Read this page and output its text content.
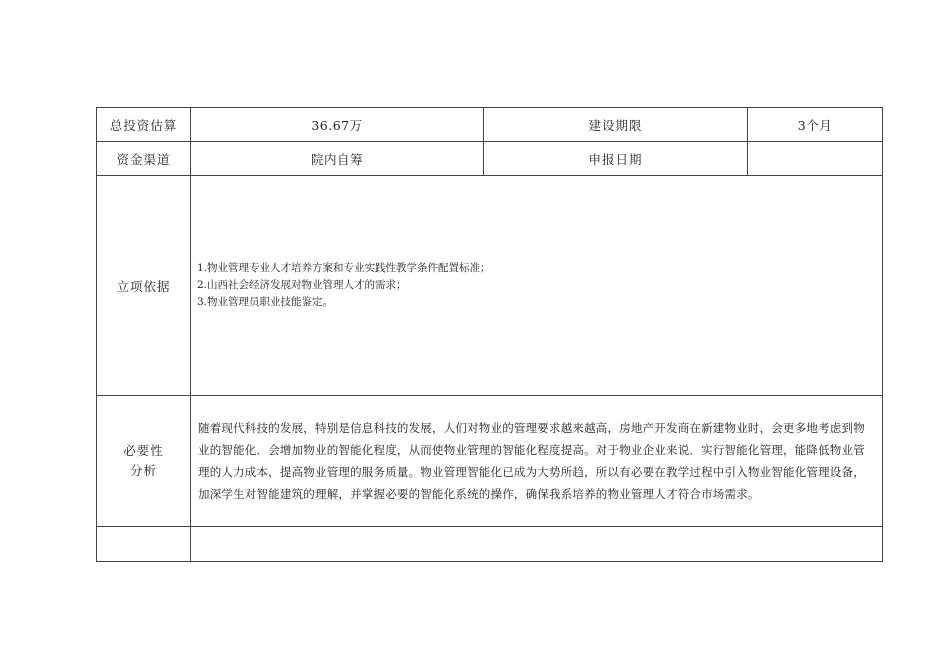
总投资估算	36.67万	建设期限	3个月
资金渠道	院内自筹	申报日期	
立项依据	1.物业管理专业人才培养方案和专业实践性教学条件配置标准；
2.山西社会经济发展对物业管理人才的需求；
3.物业管理员职业技能鉴定。		

必要性
分析	随着现代科技的发展，特别是信息科技的发展，人们对物业的管理要求越来越高，房地产开发商在新建物业时，会更多地考虑到物业的智能化．会增加物业的智能化程度，从而使物业管理的智能化程度提高。对于物业企业来说．实行智能化管理，能降低物业管理的人力成本，提高物业管理的服务质量。物业管理智能化已成为大势所趋，所以有必要在教学过程中引入物业智能化管理设备，加深学生对智能建筑的理解，并掌握必要的智能化系统的操作，确保我系培养的物业管理人才符合市场需求。		
